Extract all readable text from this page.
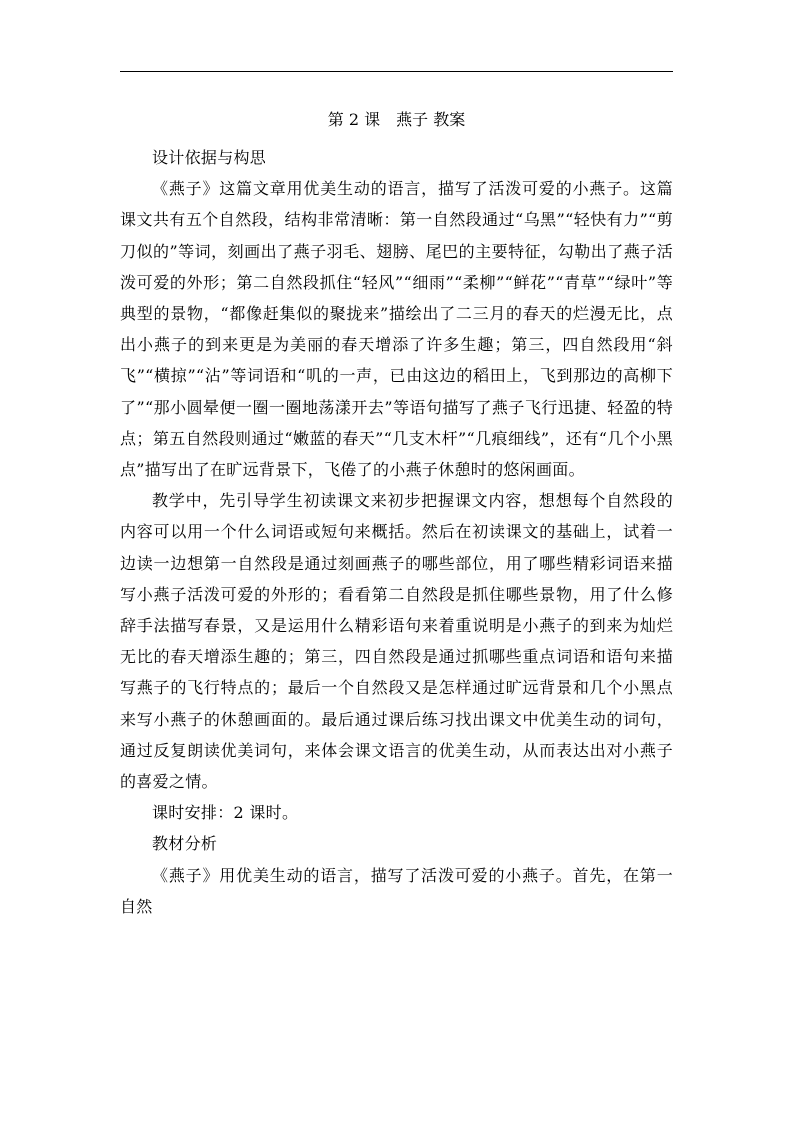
第 2 课　燕子 教案

设计依据与构思

《燕子》这篇文章用优美生动的语言，描写了活泼可爱的小燕子。这篇课文共有五个自然段，结构非常清晰：第一自然段通过“乌黑”“轻快有力”“剪刀似的”等词，刻画出了燕子羽毛、翅膀、尾巴的主要特征，勾勒出了燕子活泼可爱的外形；第二自然段抓住“轻风”“细雨”“柔柳”“鲜花”“青草”“绿叶”等典型的景物，“都像赶集似的聚拢来”描绘出了二三月的春天的烂漫无比，点出小燕子的到来更是为美丽的春天增添了许多生趣；第三，四自然段用“斜飞”“横掠”“沾”等词语和“叽的一声，已由这边的稻田上，飞到那边的高柳下了”“那小圆晕便一圈一圈地荡漾开去”等语句描写了燕子飞行迅捷、轻盈的特点；第五自然段则通过“嫩蓝的春天”“几支木杆”“几痕细线”，还有“几个小黑点”描写出了在旷远背景下，飞倦了的小燕子休憩时的悠闲画面。

教学中，先引导学生初读课文来初步把握课文内容，想想每个自然段的内容可以用一个什么词语或短句来概括。然后在初读课文的基础上，试着一边读一边想第一自然段是通过刻画燕子的哪些部位，用了哪些精彩词语来描写小燕子活泼可爱的外形的；看看第二自然段是抓住哪些景物，用了什么修辞手法描写春景，又是运用什么精彩语句来着重说明是小燕子的到来为灿烂无比的春天增添生趣的；第三，四自然段是通过抓哪些重点词语和语句来描写燕子的飞行特点的；最后一个自然段又是怎样通过旷远背景和几个小黑点来写小燕子的休憩画面的。最后通过课后练习找出课文中优美生动的词句，通过反复朗读优美词句，来体会课文语言的优美生动，从而表达出对小燕子的喜爱之情。

课时安排：2 课时。

教材分析

《燕子》用优美生动的语言，描写了活泼可爱的小燕子。首先，在第一自然
